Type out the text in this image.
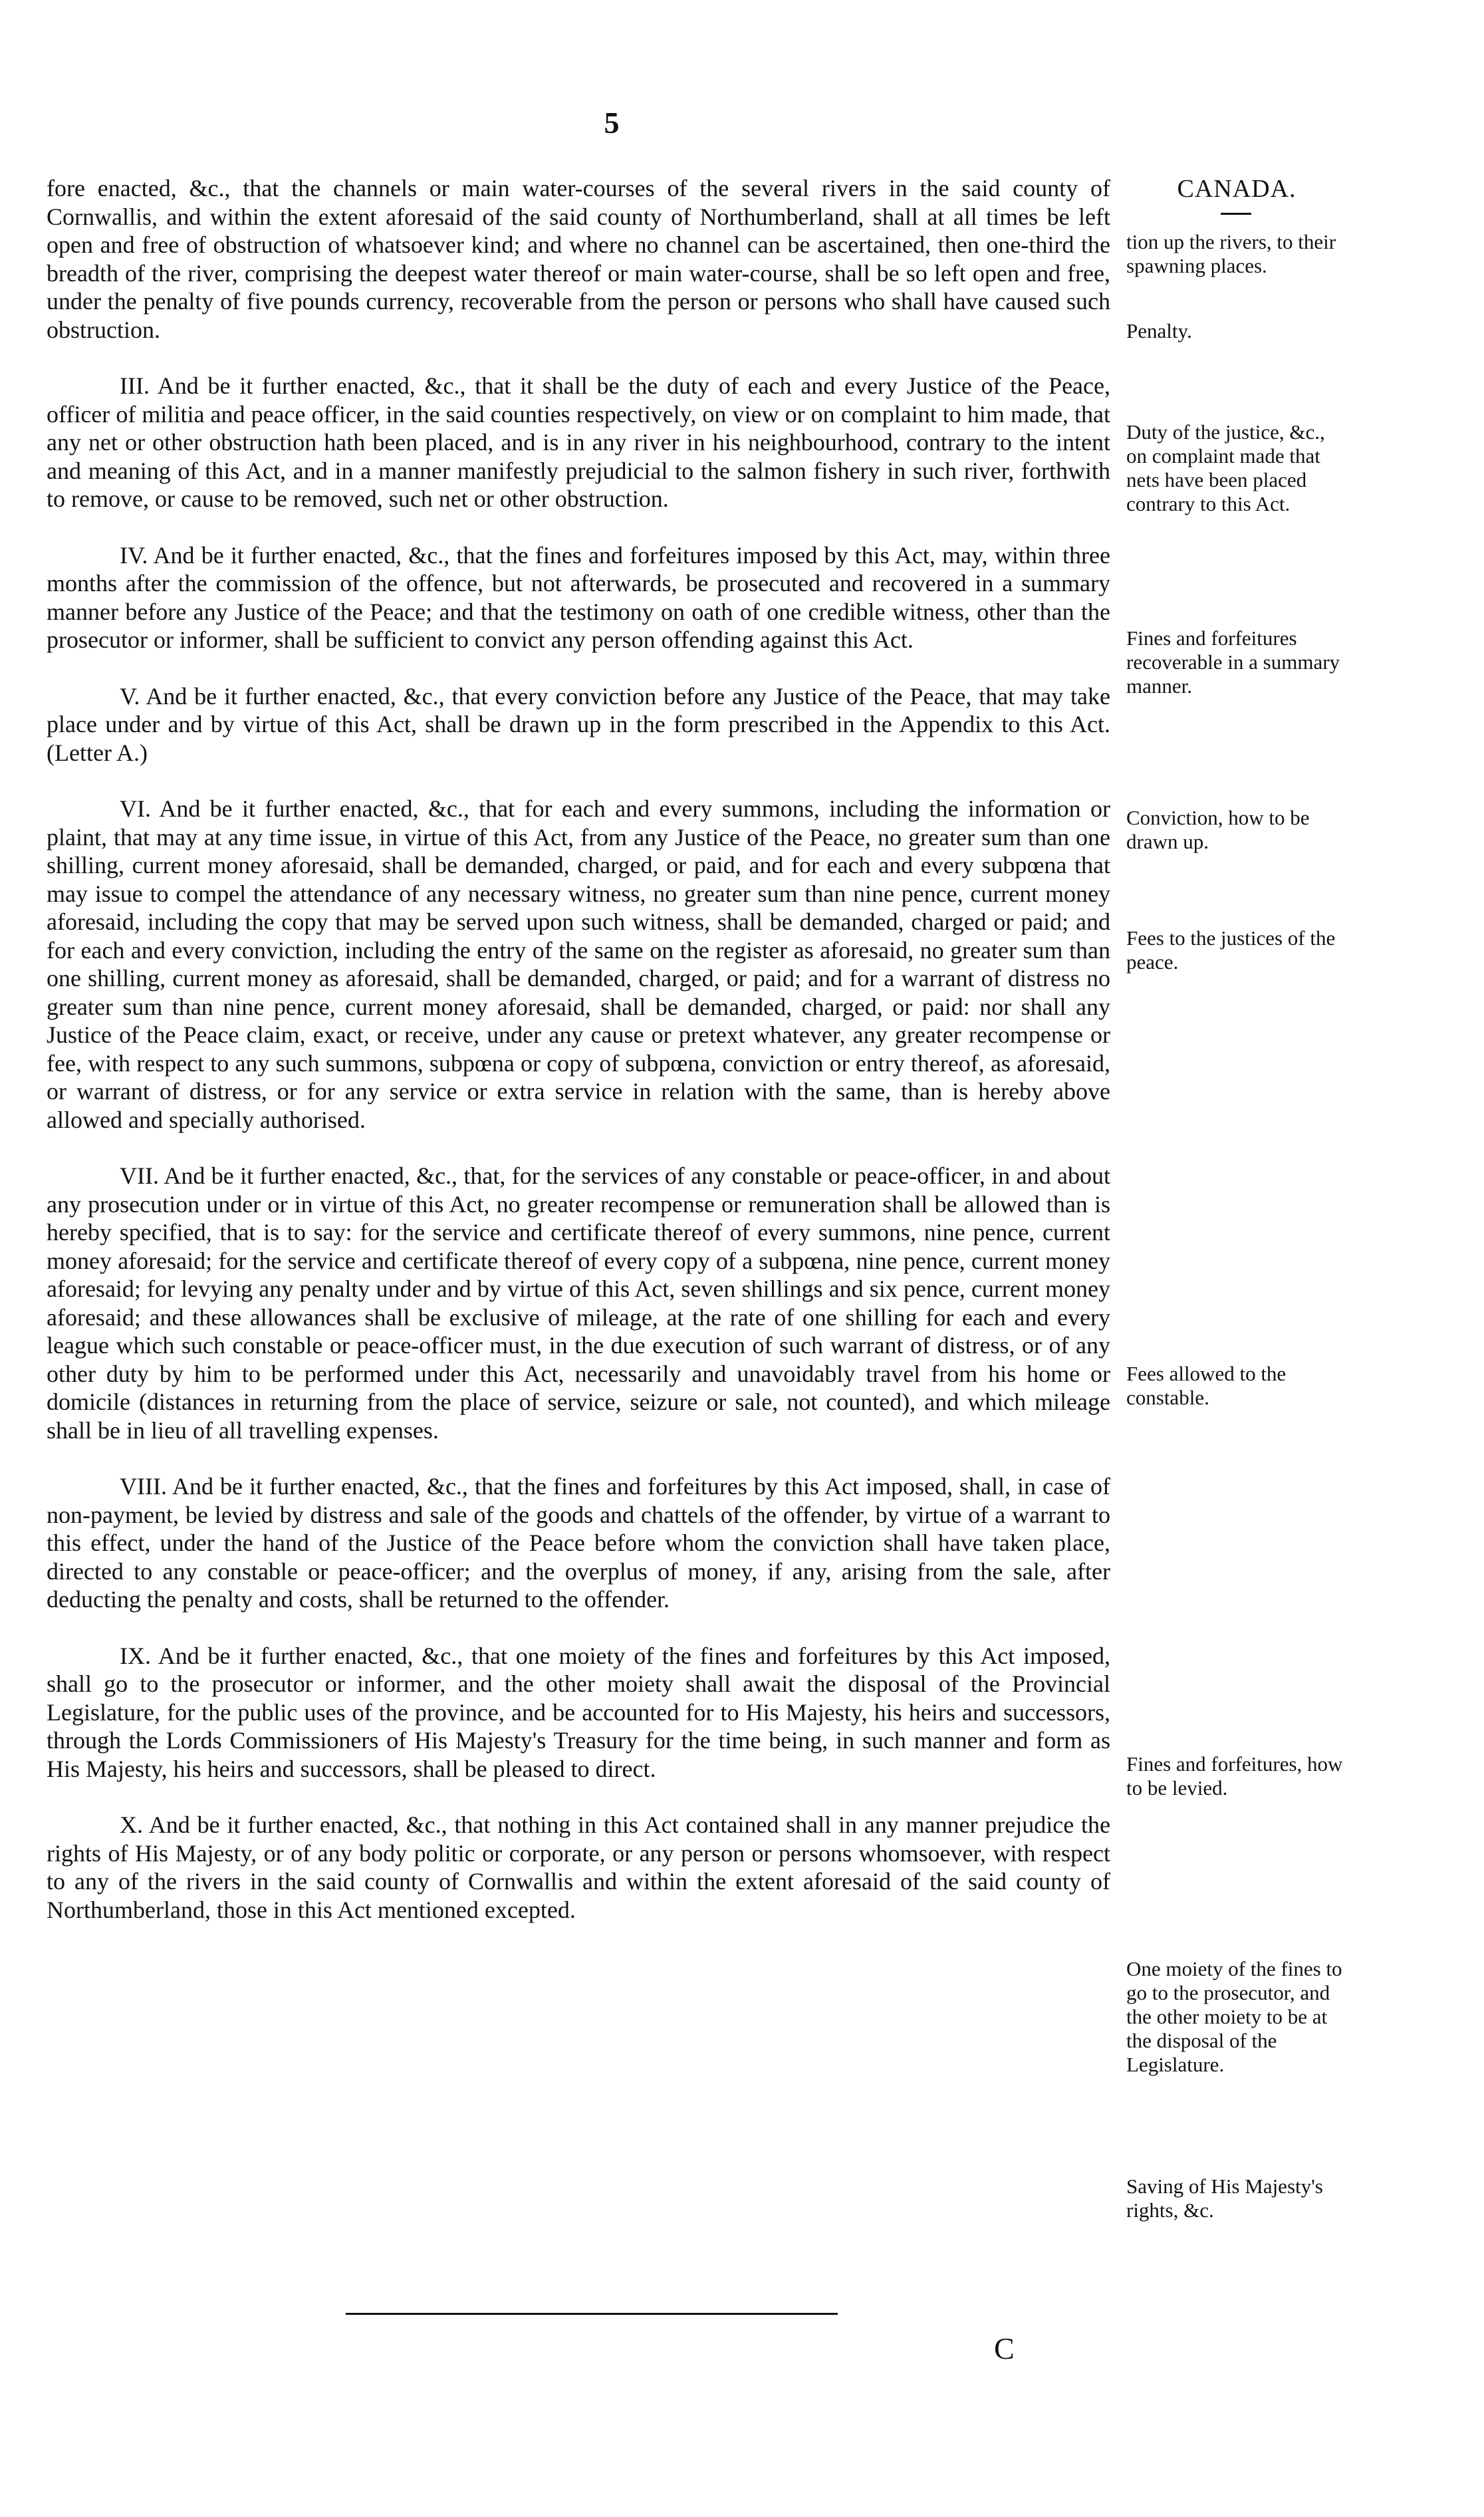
5
CANADA.

fore enacted, &c., that the channels or main water-courses of the several rivers in the said county of Cornwallis, and within the extent aforesaid of the said county of Northumberland, shall at all times be left open and free of obstruction of whatsoever kind; and where no channel can be ascertained, then one-third the breadth of the river, comprising the deepest water thereof or main water-course, shall be so left open and free, under the penalty of five pounds currency, recoverable from the person or persons who shall have caused such obstruction.

III. And be it further enacted, &c., that it shall be the duty of each and every Justice of the Peace, officer of militia and peace officer, in the said counties respectively, on view or on complaint to him made, that any net or other obstruction hath been placed, and is in any river in his neighbourhood, contrary to the intent and meaning of this Act, and in a manner manifestly prejudicial to the salmon fishery in such river, forthwith to remove, or cause to be removed, such net or other obstruction.

IV. And be it further enacted, &c., that the fines and forfeitures imposed by this Act, may, within three months after the commission of the offence, but not afterwards, be prosecuted and recovered in a summary manner before any Justice of the Peace; and that the testimony on oath of one credible witness, other than the prosecutor or informer, shall be sufficient to convict any person offending against this Act.

V. And be it further enacted, &c., that every conviction before any Justice of the Peace, that may take place under and by virtue of this Act, shall be drawn up in the form prescribed in the Appendix to this Act. (Letter A.)

VI. And be it further enacted, &c., that for each and every summons, including the information or plaint, that may at any time issue, in virtue of this Act, from any Justice of the Peace, no greater sum than one shilling, current money aforesaid, shall be demanded, charged, or paid, and for each and every subpœna that may issue to compel the attendance of any necessary witness, no greater sum than nine pence, current money aforesaid, including the copy that may be served upon such witness, shall be demanded, charged or paid; and for each and every conviction, including the entry of the same on the register as aforesaid, no greater sum than one shilling, current money as aforesaid, shall be demanded, charged, or paid; and for a warrant of distress no greater sum than nine pence, current money aforesaid, shall be demanded, charged, or paid: nor shall any Justice of the Peace claim, exact, or receive, under any cause or pretext whatever, any greater recompense or fee, with respect to any such summons, subpœna or copy of subpœna, conviction or entry thereof, as aforesaid, or warrant of distress, or for any service or extra service in relation with the same, than is hereby above allowed and specially authorised.

VII. And be it further enacted, &c., that, for the services of any constable or peace-officer, in and about any prosecution under or in virtue of this Act, no greater recompense or remuneration shall be allowed than is hereby specified, that is to say: for the service and certificate thereof of every summons, nine pence, current money aforesaid; for the service and certificate thereof of every copy of a subpœna, nine pence, current money aforesaid; for levying any penalty under and by virtue of this Act, seven shillings and six pence, current money aforesaid; and these allowances shall be exclusive of mileage, at the rate of one shilling for each and every league which such constable or peace-officer must, in the due execution of such warrant of distress, or of any other duty by him to be performed under this Act, necessarily and unavoidably travel from his home or domicile (distances in returning from the place of service, seizure or sale, not counted), and which mileage shall be in lieu of all travelling expenses.

VIII. And be it further enacted, &c., that the fines and forfeitures by this Act imposed, shall, in case of non-payment, be levied by distress and sale of the goods and chattels of the offender, by virtue of a warrant to this effect, under the hand of the Justice of the Peace before whom the conviction shall have taken place, directed to any constable or peace-officer; and the overplus of money, if any, arising from the sale, after deducting the penalty and costs, shall be returned to the offender.

IX. And be it further enacted, &c., that one moiety of the fines and forfeitures by this Act imposed, shall go to the prosecutor or informer, and the other moiety shall await the disposal of the Provincial Legislature, for the public uses of the province, and be accounted for to His Majesty, his heirs and successors, through the Lords Commissioners of His Majesty's Treasury for the time being, in such manner and form as His Majesty, his heirs and successors, shall be pleased to direct.

X. And be it further enacted, &c., that nothing in this Act contained shall in any manner prejudice the rights of His Majesty, or of any body politic or corporate, or any person or persons whomsoever, with respect to any of the rivers in the said county of Cornwallis and within the extent aforesaid of the said county of Northumberland, those in this Act mentioned excepted.

tion up the rivers, to their spawning places.
Penalty.
Duty of the justice, &c., on complaint made that nets have been placed contrary to this Act.
Fines and forfeitures recoverable in a summary manner.
Conviction, how to be drawn up.
Fees to the justices of the peace.
Fees allowed to the constable.
Fines and forfeitures, how to be levied.
One moiety of the fines to go to the prosecutor, and the other moiety to be at the disposal of the Legislature.
Saving of His Majesty's rights, &c.
C
